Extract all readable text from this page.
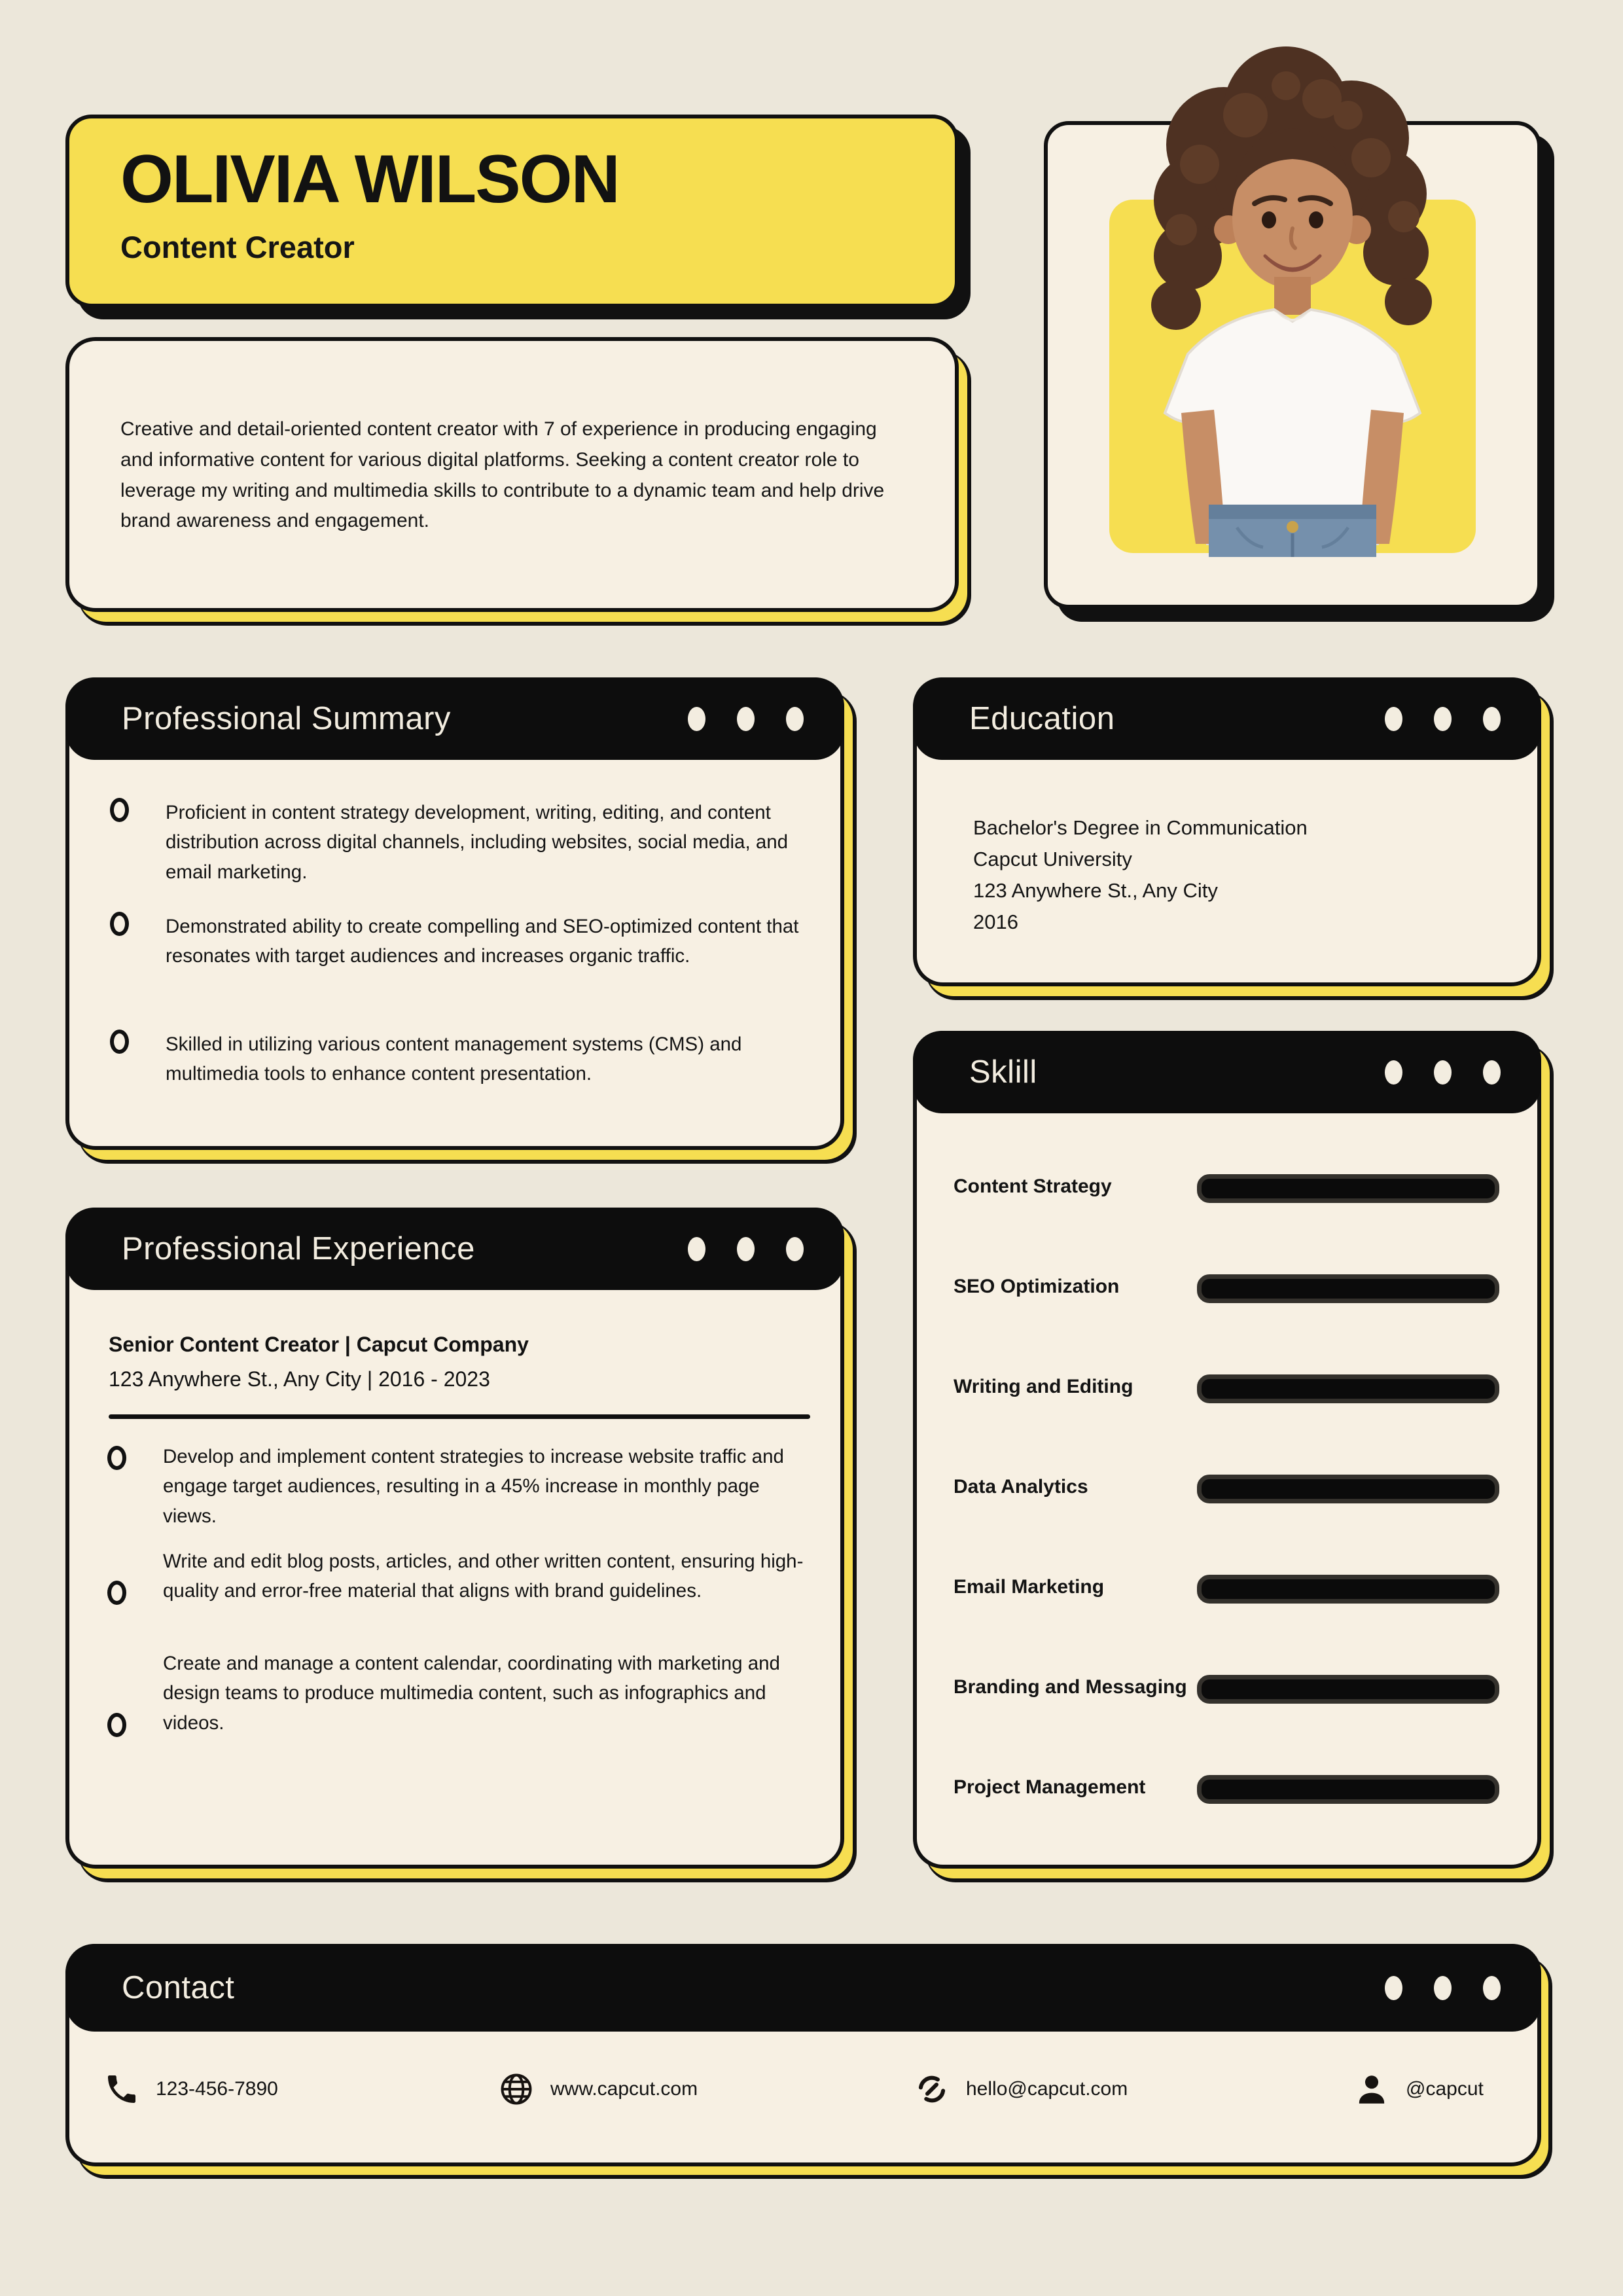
OLIVIA WILSON
Content Creator

Creative and detail-oriented content creator with 7 of experience in producing engaging and informative content for various digital platforms. Seeking a content creator role to leverage my writing and multimedia skills to contribute to a dynamic team and help drive brand awareness and engagement.

Professional Summary

Proficient in content strategy development, writing, editing, and content distribution across digital channels, including websites, social media, and email marketing.

Demonstrated ability to create compelling and SEO-optimized content that resonates with target audiences and increases organic traffic.

Skilled in utilizing various content management systems (CMS) and multimedia tools to enhance content presentation.

Education
Bachelor's Degree in Communication
Capcut University
123 Anywhere St., Any City
2016
Sklill
Content Strategy
SEO Optimization
Writing and Editing
Data Analytics
Email Marketing
Branding and Messaging
Project Management
Professional Experience
Senior Content Creator | Capcut Company
123 Anywhere St., Any City | 2016 - 2023

Develop and implement content strategies to increase website traffic and engage target audiences, resulting in a 45% increase in monthly page views.

Write and edit blog posts, articles, and other written content, ensuring high-quality and error-free material that aligns with brand guidelines.

Create and manage a content calendar, coordinating with marketing and design teams to produce multimedia content, such as infographics and videos.

Contact
123-456-7890	www.capcut.com	hello@capcut.com	@capcut
